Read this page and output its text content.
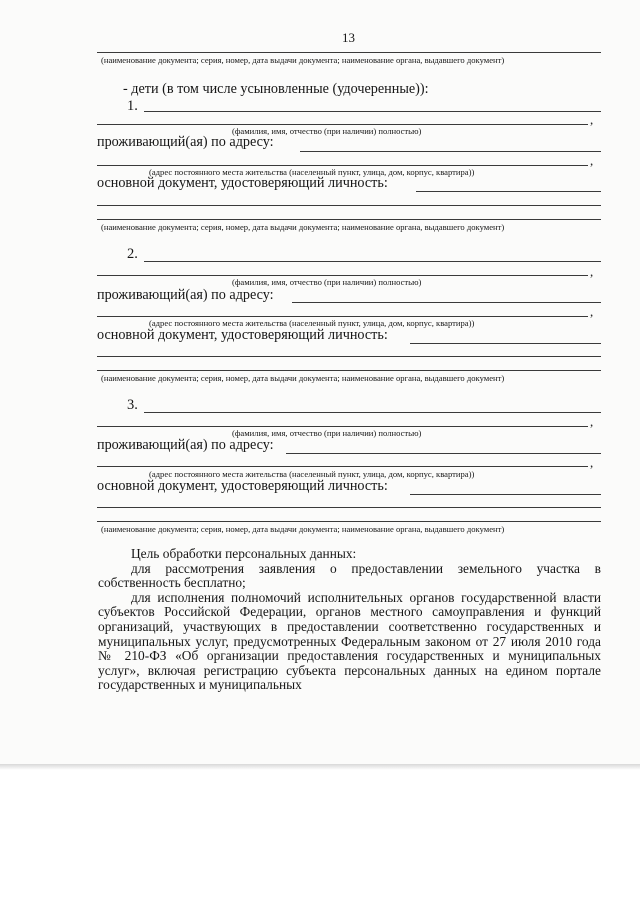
13
(наименование документа; серия, номер, дата выдачи документа; наименование органа, выдавшего документ)
- дети (в том числе усыновленные (удочеренные)):
1.
,
(фамилия, имя, отчество (при наличии) полностью)
проживающий(ая) по адресу:
,
(адрес постоянного места жительства (населенный пункт, улица, дом, корпус, квартира))
основной документ, удостоверяющий личность:
(наименование документа; серия, номер, дата выдачи документа; наименование органа, выдавшего документ)
2.
,
(фамилия, имя, отчество (при наличии) полностью)
проживающий(ая) по адресу:
,
(адрес постоянного места жительства (населенный пункт, улица, дом, корпус, квартира))
основной документ, удостоверяющий личность:
(наименование документа; серия, номер, дата выдачи документа; наименование органа, выдавшего документ)
3.
,
(фамилия, имя, отчество (при наличии) полностью)
проживающий(ая) по адресу:
,
(адрес постоянного места жительства (населенный пункт, улица, дом, корпус, квартира))
основной документ, удостоверяющий личность:
(наименование документа; серия, номер, дата выдачи документа; наименование органа, выдавшего документ)

Цель обработки персональных данных:

для рассмотрения заявления о предоставлении земельного участка в собственность бесплатно;

для исполнения полномочий исполнительных органов государственной власти субъектов Российской Федерации, органов местного самоуправления и функций организаций, участвующих в предоставлении соответственно государственных и муниципальных услуг, предусмотренных Федеральным законом от 27 июля 2010 года № 210-ФЗ «Об организации предоставления государственных и муниципальных услуг», включая регистрацию субъекта персональных данных на едином портале государственных и муниципальных
